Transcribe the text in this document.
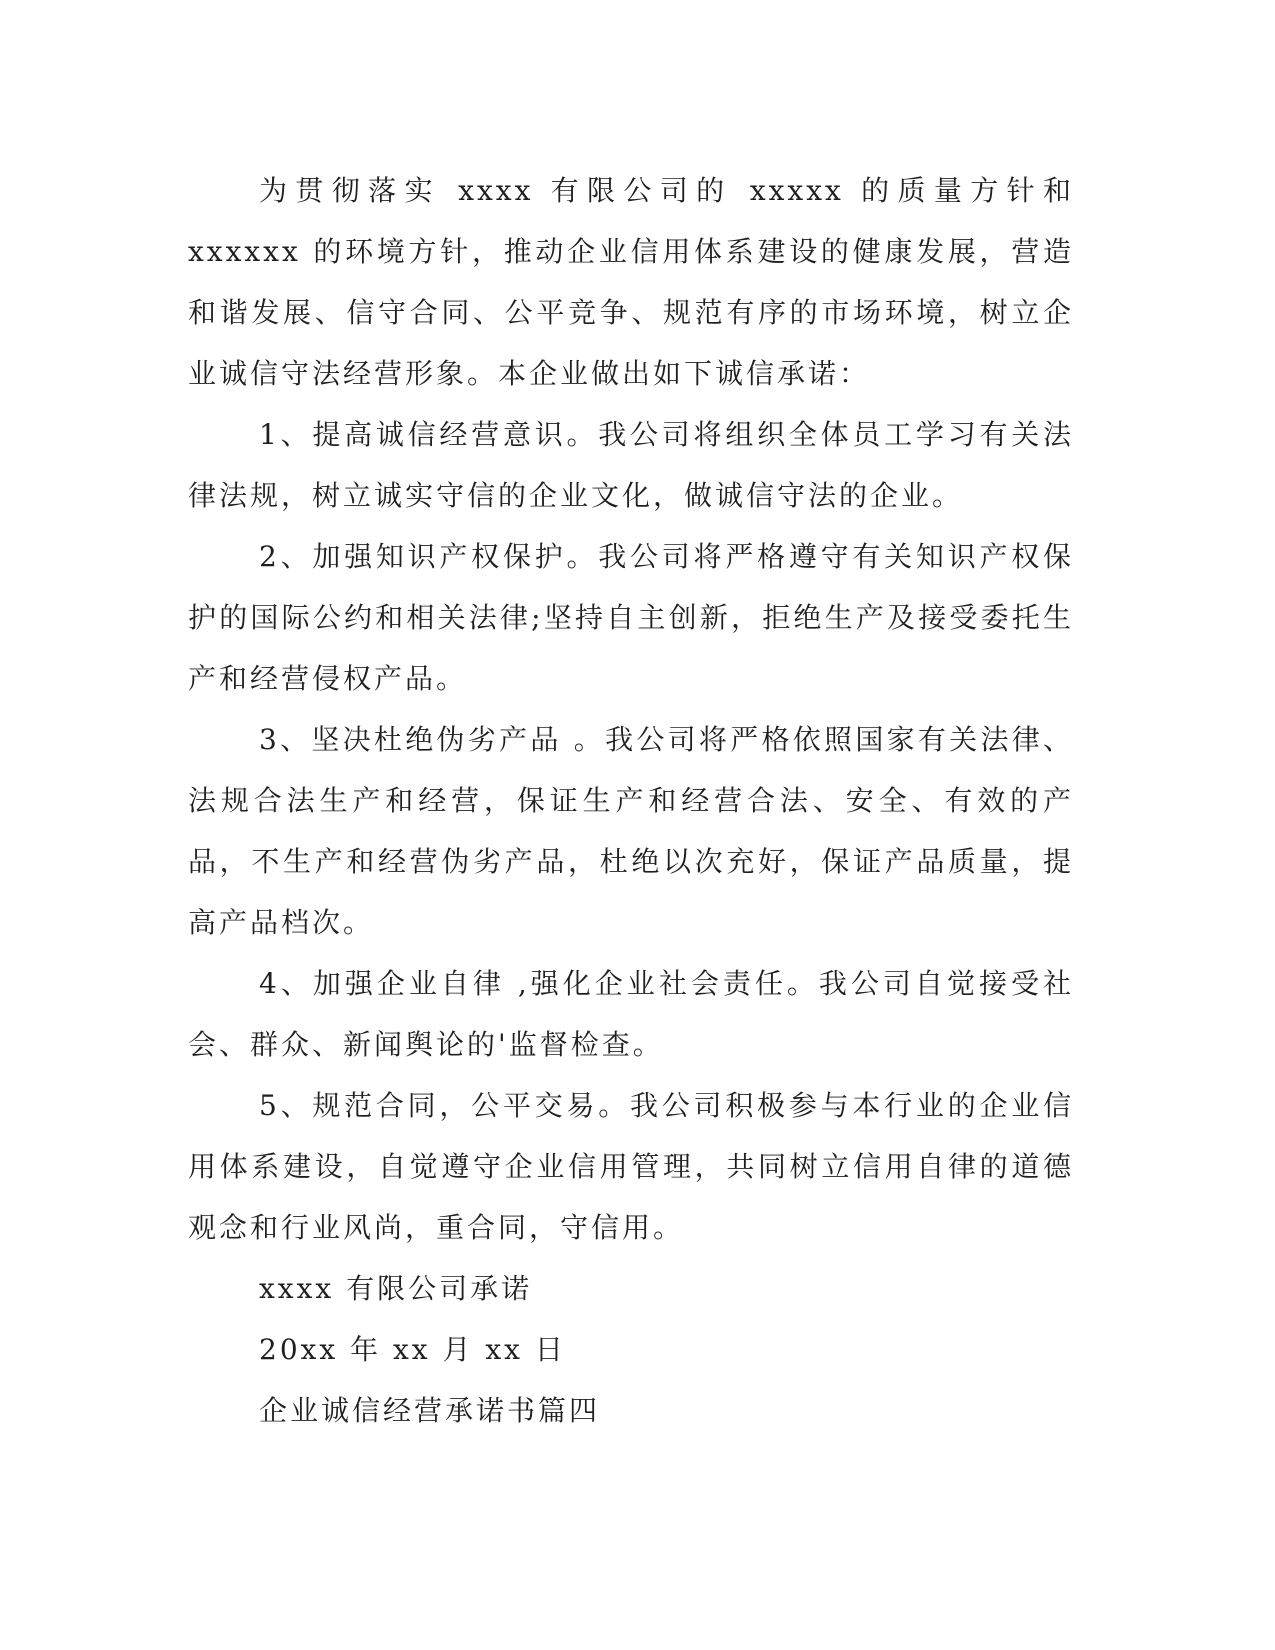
为贯彻落实 xxxx 有限公司的 xxxxx 的质量方针和 xxxxxx 的环境方针，推动企业信用体系建设的健康发展，营造和谐发展、信守合同、公平竞争、规范有序的市场环境，树立企业诚信守法经营形象。本企业做出如下诚信承诺：

1、提高诚信经营意识。我公司将组织全体员工学习有关法律法规，树立诚实守信的企业文化，做诚信守法的企业。

2、加强知识产权保护。我公司将严格遵守有关知识产权保护的国际公约和相关法律;坚持自主创新，拒绝生产及接受委托生产和经营侵权产品。

3、坚决杜绝伪劣产品 。我公司将严格依照国家有关法律、法规合法生产和经营，保证生产和经营合法、安全、有效的产品，不生产和经营伪劣产品，杜绝以次充好，保证产品质量，提高产品档次。

4、加强企业自律 ,强化企业社会责任。我公司自觉接受社会、群众、新闻舆论的'监督检查。

5、规范合同，公平交易。我公司积极参与本行业的企业信用体系建设，自觉遵守企业信用管理，共同树立信用自律的道德观念和行业风尚，重合同，守信用。

xxxx 有限公司承诺

20xx 年 xx 月 xx 日

企业诚信经营承诺书篇四
